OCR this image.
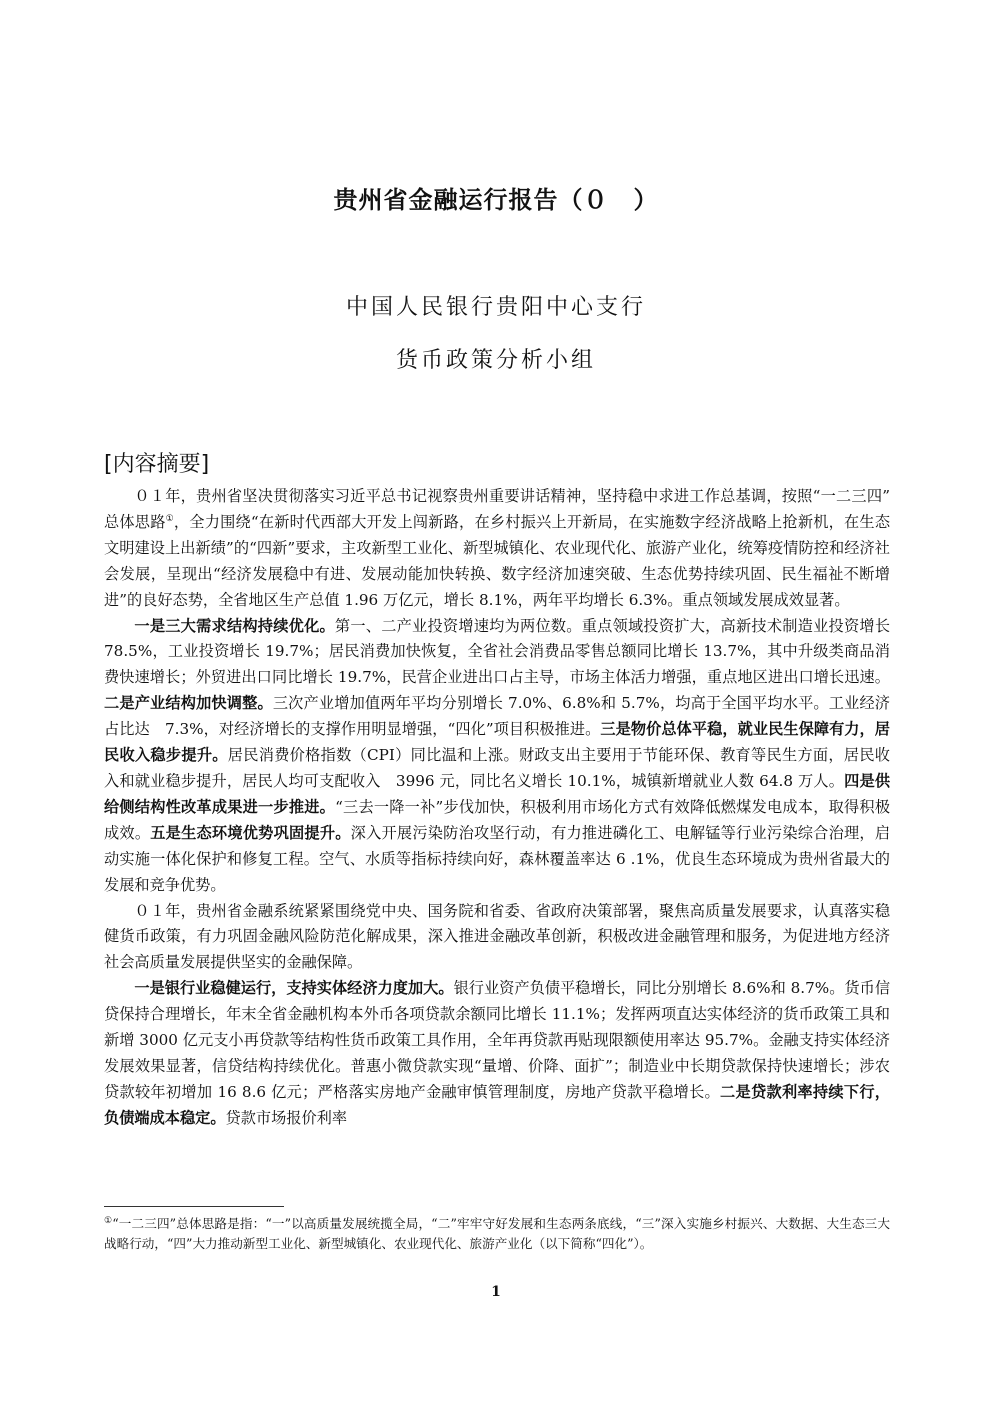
贵州省金融运行报告（０　）
中国人民银行贵阳中心支行
货币政策分析小组
[内容摘要]

０１年，贵州省坚决贯彻落实习近平总书记视察贵州重要讲话精神，坚持稳中求进工作总基调，按照“一二三四”　总体思路①，全力围绕“在新时代西部大开发上闯新路，在乡村振兴上开新局，在实施数字经济战略上抢新机，在生态文明建设上出新绩”的“四新”要求，主攻新型工业化、新型城镇化、农业现代化、旅游产业化，统筹疫情防控和经济社会发展，呈现出“经济发展稳中有进、发展动能加快转换、数字经济加速突破、生态优势持续巩固、民生福祉不断增进”的良好态势，全省地区生产总值 1.96 万亿元，增长 8.1%，两年平均增长 6.3%。重点领域发展成效显著。

一是三大需求结构持续优化。第一、二产业投资增速均为两位数。重点领域投资扩大，高新技术制造业投资增长 78.5%，工业投资增长 19.7%；居民消费加快恢复，全省社会消费品零售总额同比增长 13.7%，其中升级类商品消费快速增长；外贸进出口同比增长 19.7%，民营企业进出口占主导，市场主体活力增强，重点地区进出口增长迅速。二是产业结构加快调整。三次产业增加值两年平均分别增长 7.0%、6.8%和 5.7%，均高于全国平均水平。工业经济占比达　7.3%，对经济增长的支撑作用明显增强，“四化”项目积极推进。三是物价总体平稳，就业民生保障有力，居民收入稳步提升。居民消费价格指数（CPI）同比温和上涨。财政支出主要用于节能环保、教育等民生方面，居民收入和就业稳步提升，居民人均可支配收入　3996 元，同比名义增长 10.1%，城镇新增就业人数 64.8 万人。四是供给侧结构性改革成果进一步推进。“三去一降一补”步伐加快，积极利用市场化方式有效降低燃煤发电成本，取得积极成效。五是生态环境优势巩固提升。深入开展污染防治攻坚行动，有力推进磷化工、电解锰等行业污染综合治理，启动实施一体化保护和修复工程。空气、水质等指标持续向好，森林覆盖率达 6 .1%，优良生态环境成为贵州省最大的发展和竞争优势。

０１年，贵州省金融系统紧紧围绕党中央、国务院和省委、省政府决策部署，聚焦高质量发展要求，认真落实稳健货币政策，有力巩固金融风险防范化解成果，深入推进金融改革创新，积极改进金融管理和服务，为促进地方经济社会高质量发展提供坚实的金融保障。

一是银行业稳健运行，支持实体经济力度加大。银行业资产负债平稳增长，同比分别增长 8.6%和 8.7%。货币信贷保持合理增长，年末全省金融机构本外币各项贷款余额同比增长 11.1%；发挥两项直达实体经济的货币政策工具和新增 3000 亿元支小再贷款等结构性货币政策工具作用，全年再贷款再贴现限额使用率达 95.7%。金融支持实体经济发展效果显著，信贷结构持续优化。普惠小微贷款实现“量增、价降、面扩”；制造业中长期贷款保持快速增长；涉农贷款较年初增加 16 8.6 亿元；严格落实房地产金融审慎管理制度，房地产贷款平稳增长。二是贷款利率持续下行，负债端成本稳定。贷款市场报价利率

①“一二三四”总体思路是指：“一”以高质量发展统揽全局，“二”牢牢守好发展和生态两条底线，“三”深入实施乡村振兴、大数据、大生态三大战略行动，“四”大力推动新型工业化、新型城镇化、农业现代化、旅游产业化（以下简称“四化”）。
1
